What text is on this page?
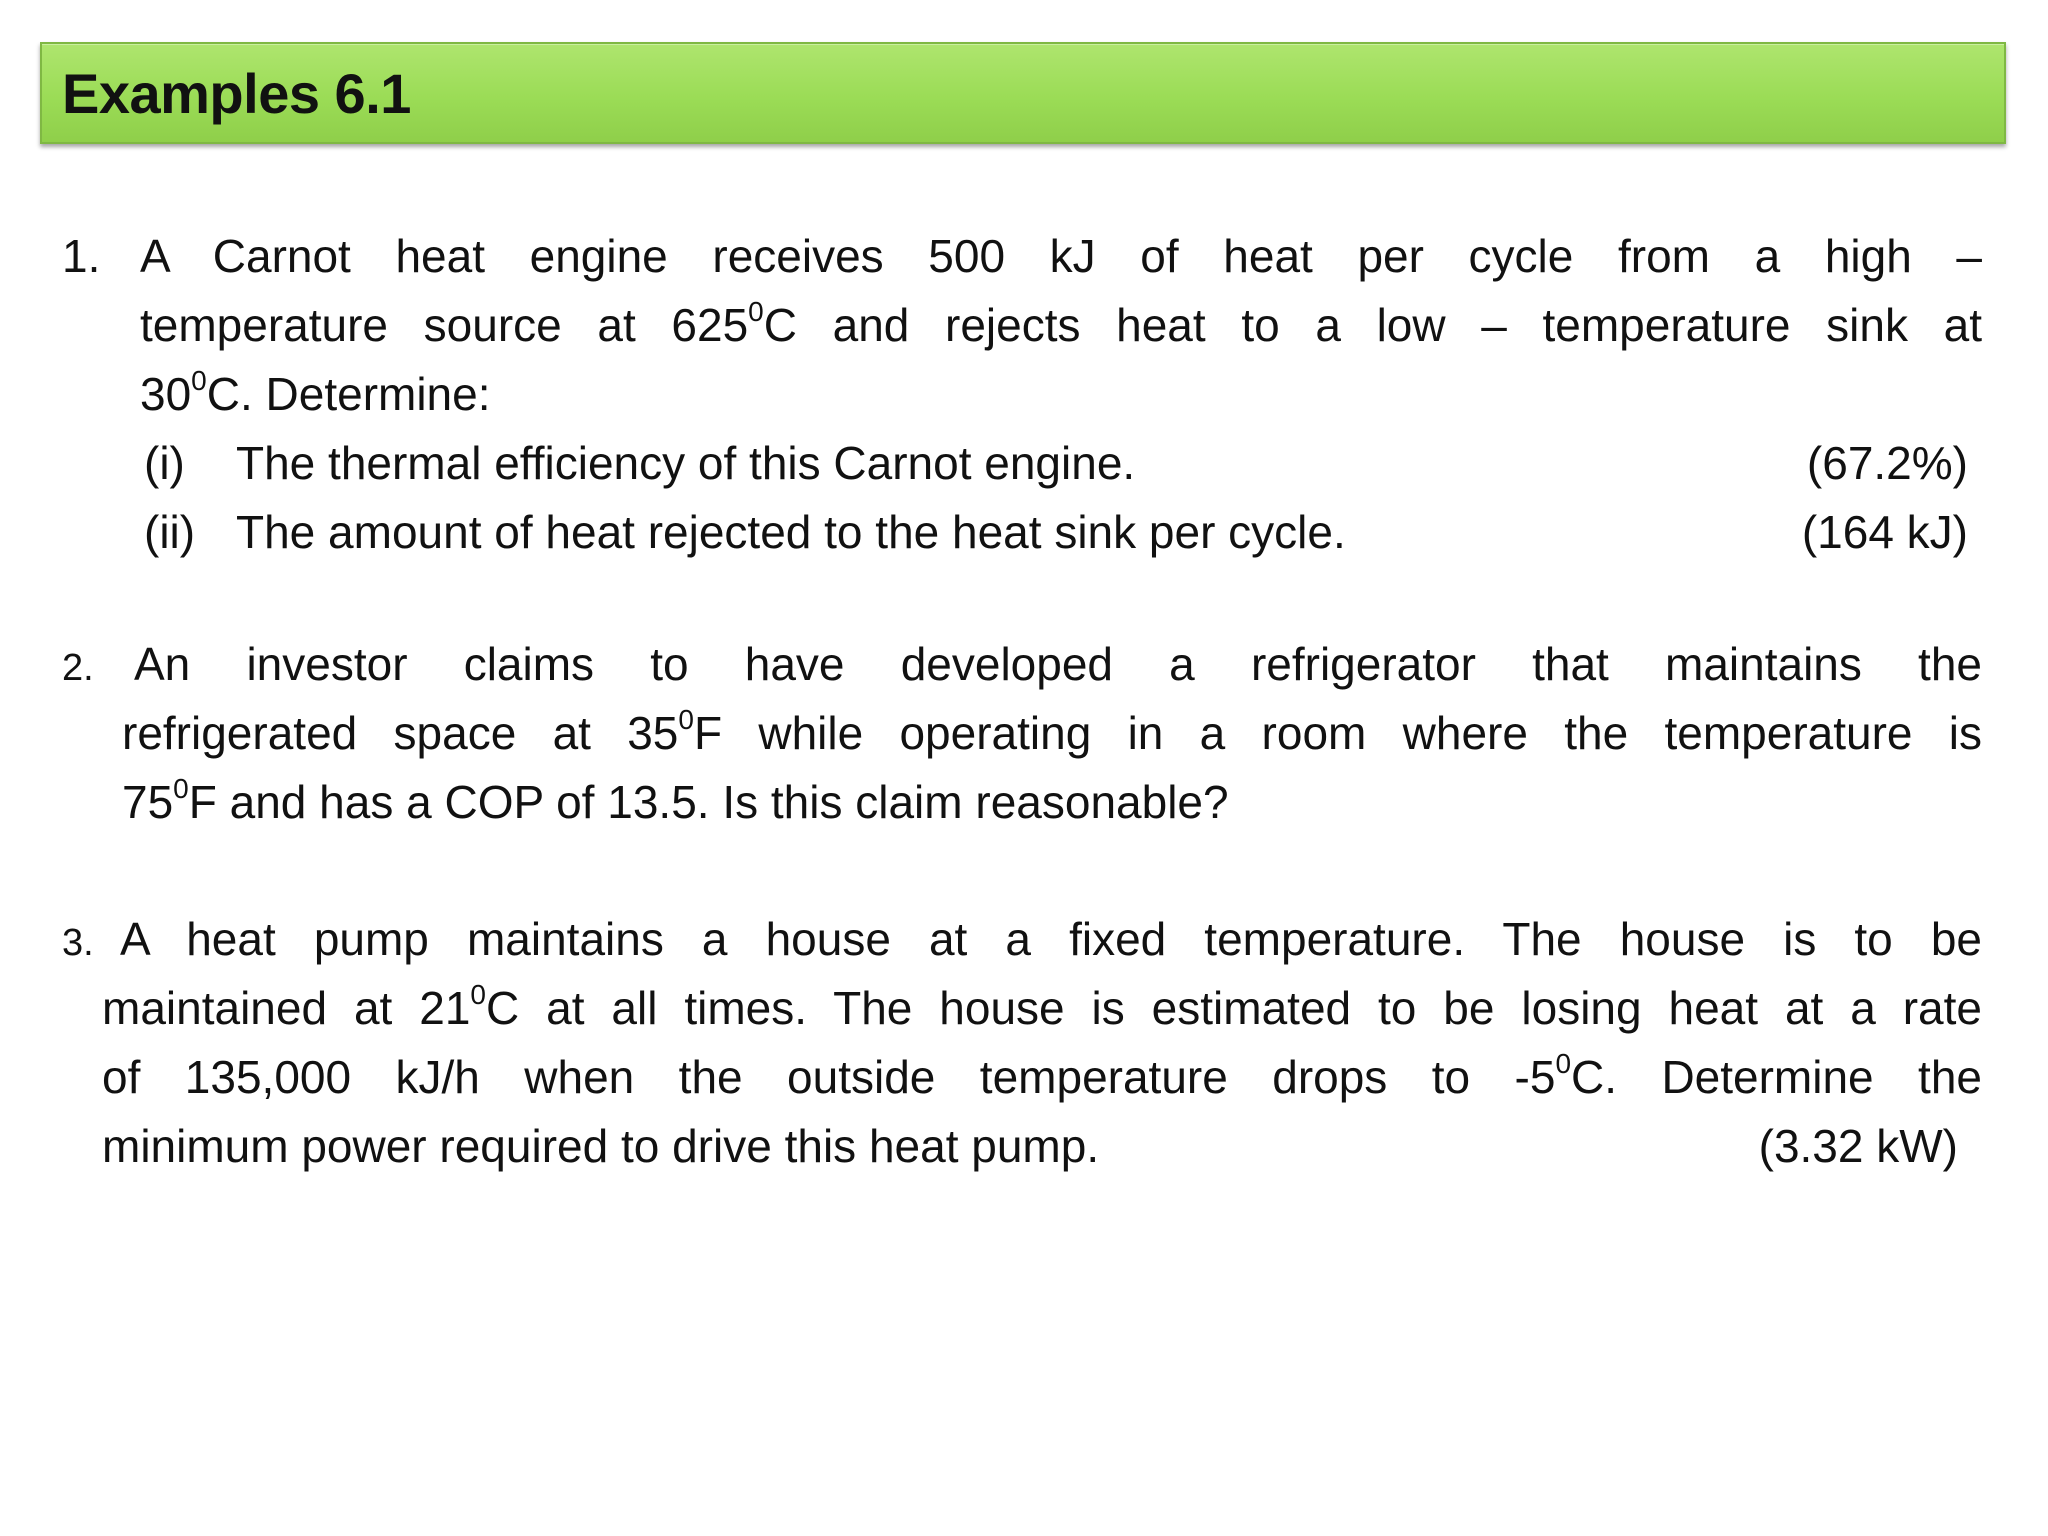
Examples 6.1
1. A Carnot heat engine receives 500 kJ of heat per cycle from a high –

temperature source at $625^0C$ and rejects heat to a low – temperature sink at

$30^0C$. Determine:

(i) The thermal efficiency of this Carnot engine.	(67.2%)
(ii) The amount of heat rejected to the heat sink per cycle.	(164 kJ)
2. An investor claims to have developed a refrigerator that maintains the

refrigerated space at $35^0F$ while operating in a room where the temperature is

$75^0F$ and has a COP of 13.5. Is this claim reasonable?

3. A heat pump maintains a house at a fixed temperature. The house is to be

maintained at $21^0C$ at all times. The house is estimated to be losing heat at a rate

of 135,000 kJ/h when the outside temperature drops to $-5^0C$. Determine the

minimum power required to drive this heat pump.	(3.32 kW)
